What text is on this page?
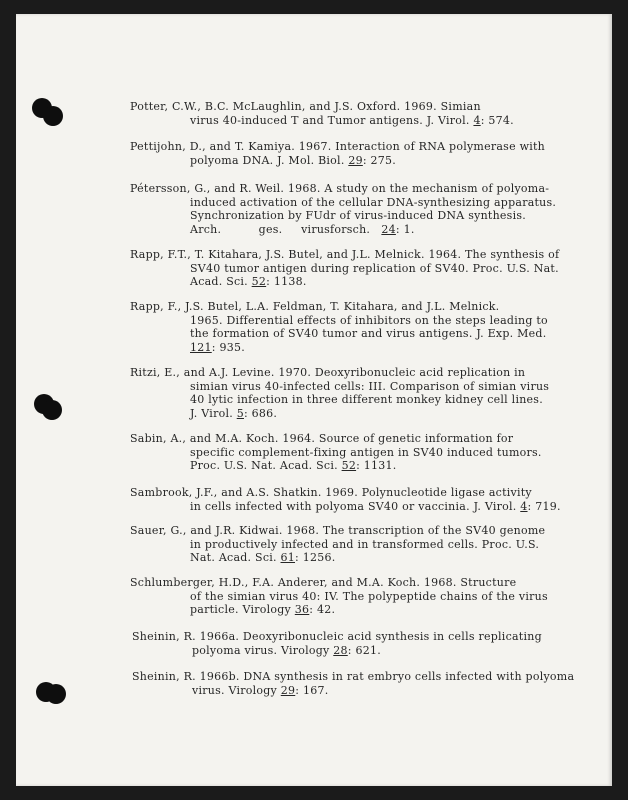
Potter, C.W., B.C. McLaughlin, and J.S. Oxford. 1969. Simian
virus 40-induced T and Tumor antigens. J. Virol. 4: 574.
Pettijohn, D., and T. Kamiya. 1967. Interaction of RNA polymerase with
polyoma DNA. J. Mol. Biol. 29: 275.
Pétersson, G., and R. Weil. 1968. A study on the mechanism of polyoma-
induced activation of the cellular DNA-synthesizing apparatus.
Synchronization by FUdr of virus-induced DNA synthesis.
Arch.          ges.     virusforsch.   24: 1.
Rapp, F.T., T. Kitahara, J.S. Butel, and J.L. Melnick. 1964. The synthesis of
SV40 tumor antigen during replication of SV40. Proc. U.S. Nat.
Acad. Sci. 52: 1138.
Rapp, F., J.S. Butel, L.A. Feldman, T. Kitahara, and J.L. Melnick.
1965. Differential effects of inhibitors on the steps leading to
the formation of SV40 tumor and virus antigens. J. Exp. Med.
121: 935.
Ritzi, E., and A.J. Levine. 1970. Deoxyribonucleic acid replication in
simian virus 40-infected cells: III. Comparison of simian virus
40 lytic infection in three different monkey kidney cell lines.
J. Virol. 5: 686.
Sabin, A., and M.A. Koch. 1964. Source of genetic information for
specific complement-fixing antigen in SV40 induced tumors.
Proc. U.S. Nat. Acad. Sci. 52: 1131.
Sambrook, J.F., and A.S. Shatkin. 1969. Polynucleotide ligase activity
in cells infected with polyoma SV40 or vaccinia. J. Virol. 4: 719.
Sauer, G., and J.R. Kidwai. 1968. The transcription of the SV40 genome
in productively infected and in transformed cells. Proc. U.S.
Nat. Acad. Sci. 61: 1256.
Schlumberger, H.D., F.A. Anderer, and M.A. Koch. 1968. Structure
of the simian virus 40: IV. The polypeptide chains of the virus
particle. Virology 36: 42.
Sheinin, R. 1966a. Deoxyribonucleic acid synthesis in cells replicating
polyoma virus. Virology 28: 621.
Sheinin, R. 1966b. DNA synthesis in rat embryo cells infected with polyoma
virus. Virology 29: 167.
